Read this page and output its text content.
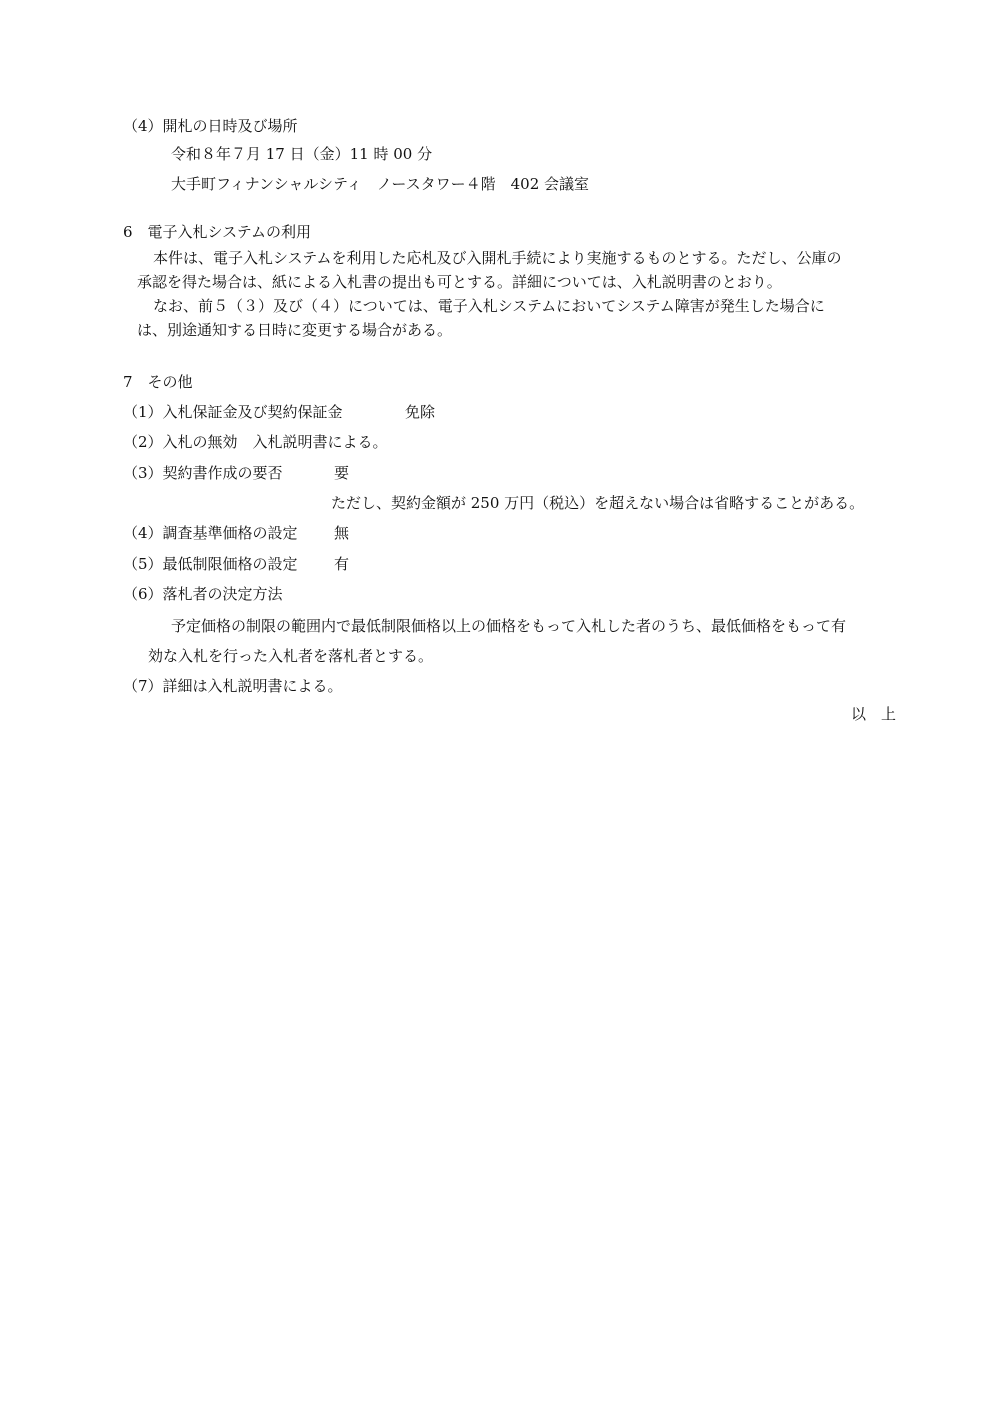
（4）開札の日時及び場所
令和８年７月 17 日（金）11 時 00 分
大手町フィナンシャルシティ　ノースタワー４階　402 会議室
6　電子入札システムの利用
本件は、電子入札システムを利用した応札及び入開札手続により実施するものとする。ただし、公庫の
承認を得た場合は、紙による入札書の提出も可とする。詳細については、入札説明書のとおり。
なお、前５（３）及び（４）については、電子入札システムにおいてシステム障害が発生した場合に
は、別途通知する日時に変更する場合がある。
7　その他
（1）入札保証金及び契約保証金	免除
（2）入札の無効　入札説明書による。
（3）契約書作成の要否	要
ただし、契約金額が 250 万円（税込）を超えない場合は省略することがある。
（4）調査基準価格の設定 無
（5）最低制限価格の設定 有
（6）落札者の決定方法
予定価格の制限の範囲内で最低制限価格以上の価格をもって入札した者のうち、最低価格をもって有
効な入札を行った入札者を落札者とする。
（7）詳細は入札説明書による。
以　上
